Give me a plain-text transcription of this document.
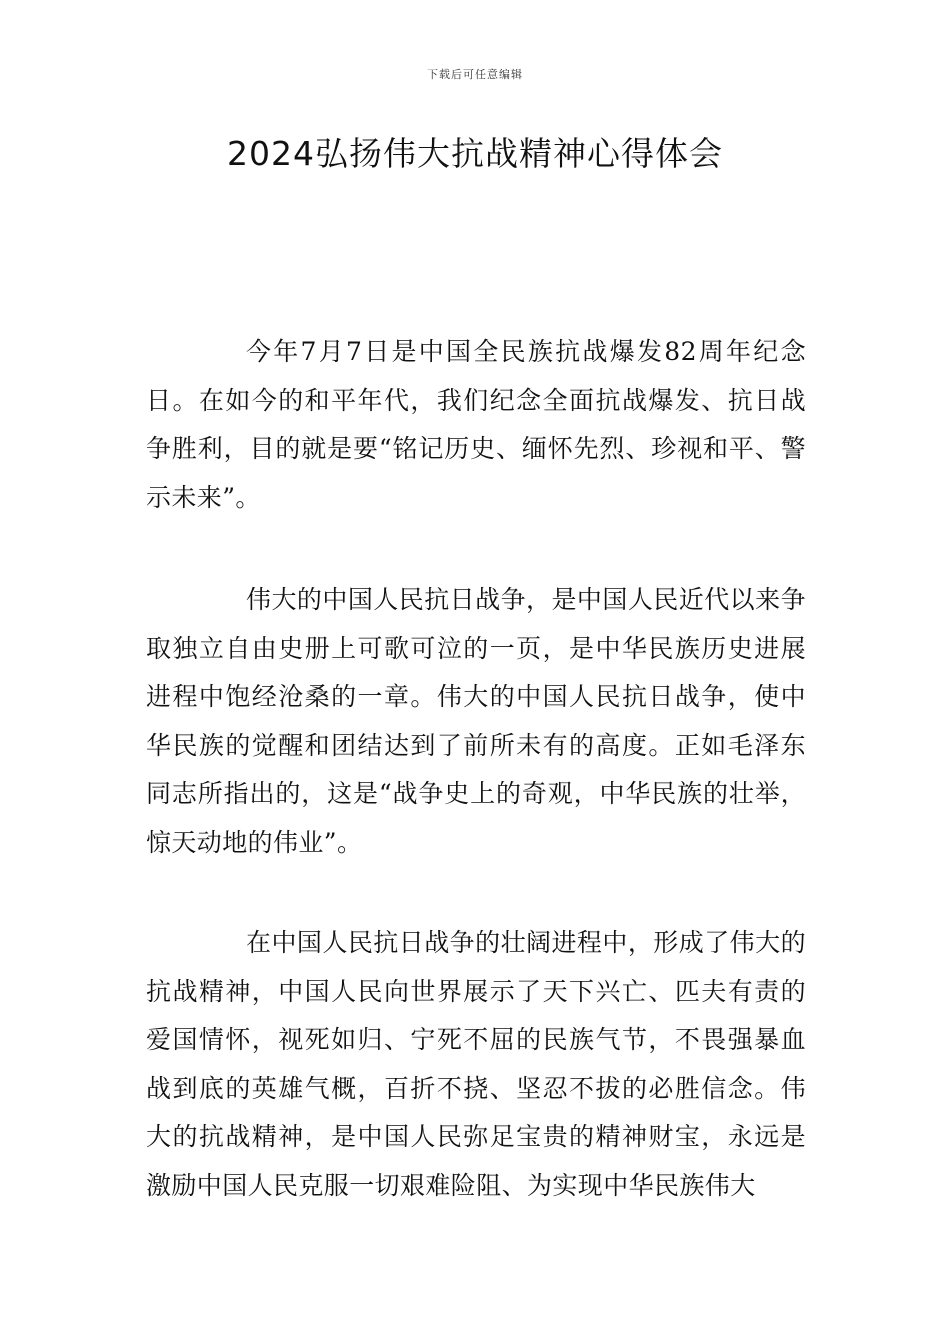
下载后可任意编辑
2024弘扬伟大抗战精神心得体会

今年7月7日是中国全民族抗战爆发82周年纪念日。在如今的和平年代，我们纪念全面抗战爆发、抗日战争胜利，目的就是要“铭记历史、缅怀先烈、珍视和平、警示未来”。

伟大的中国人民抗日战争，是中国人民近代以来争取独立自由史册上可歌可泣的一页，是中华民族历史进展进程中饱经沧桑的一章。伟大的中国人民抗日战争，使中华民族的觉醒和团结达到了前所未有的高度。正如毛泽东同志所指出的，这是“战争史上的奇观，中华民族的壮举，惊天动地的伟业”。

在中国人民抗日战争的壮阔进程中，形成了伟大的抗战精神，中国人民向世界展示了天下兴亡、匹夫有责的爱国情怀，视死如归、宁死不屈的民族气节，不畏强暴血战到底的英雄气概，百折不挠、坚忍不拔的必胜信念。伟大的抗战精神，是中国人民弥足宝贵的精神财宝，永远是激励中国人民克服一切艰难险阻、为实现中华民族伟大
